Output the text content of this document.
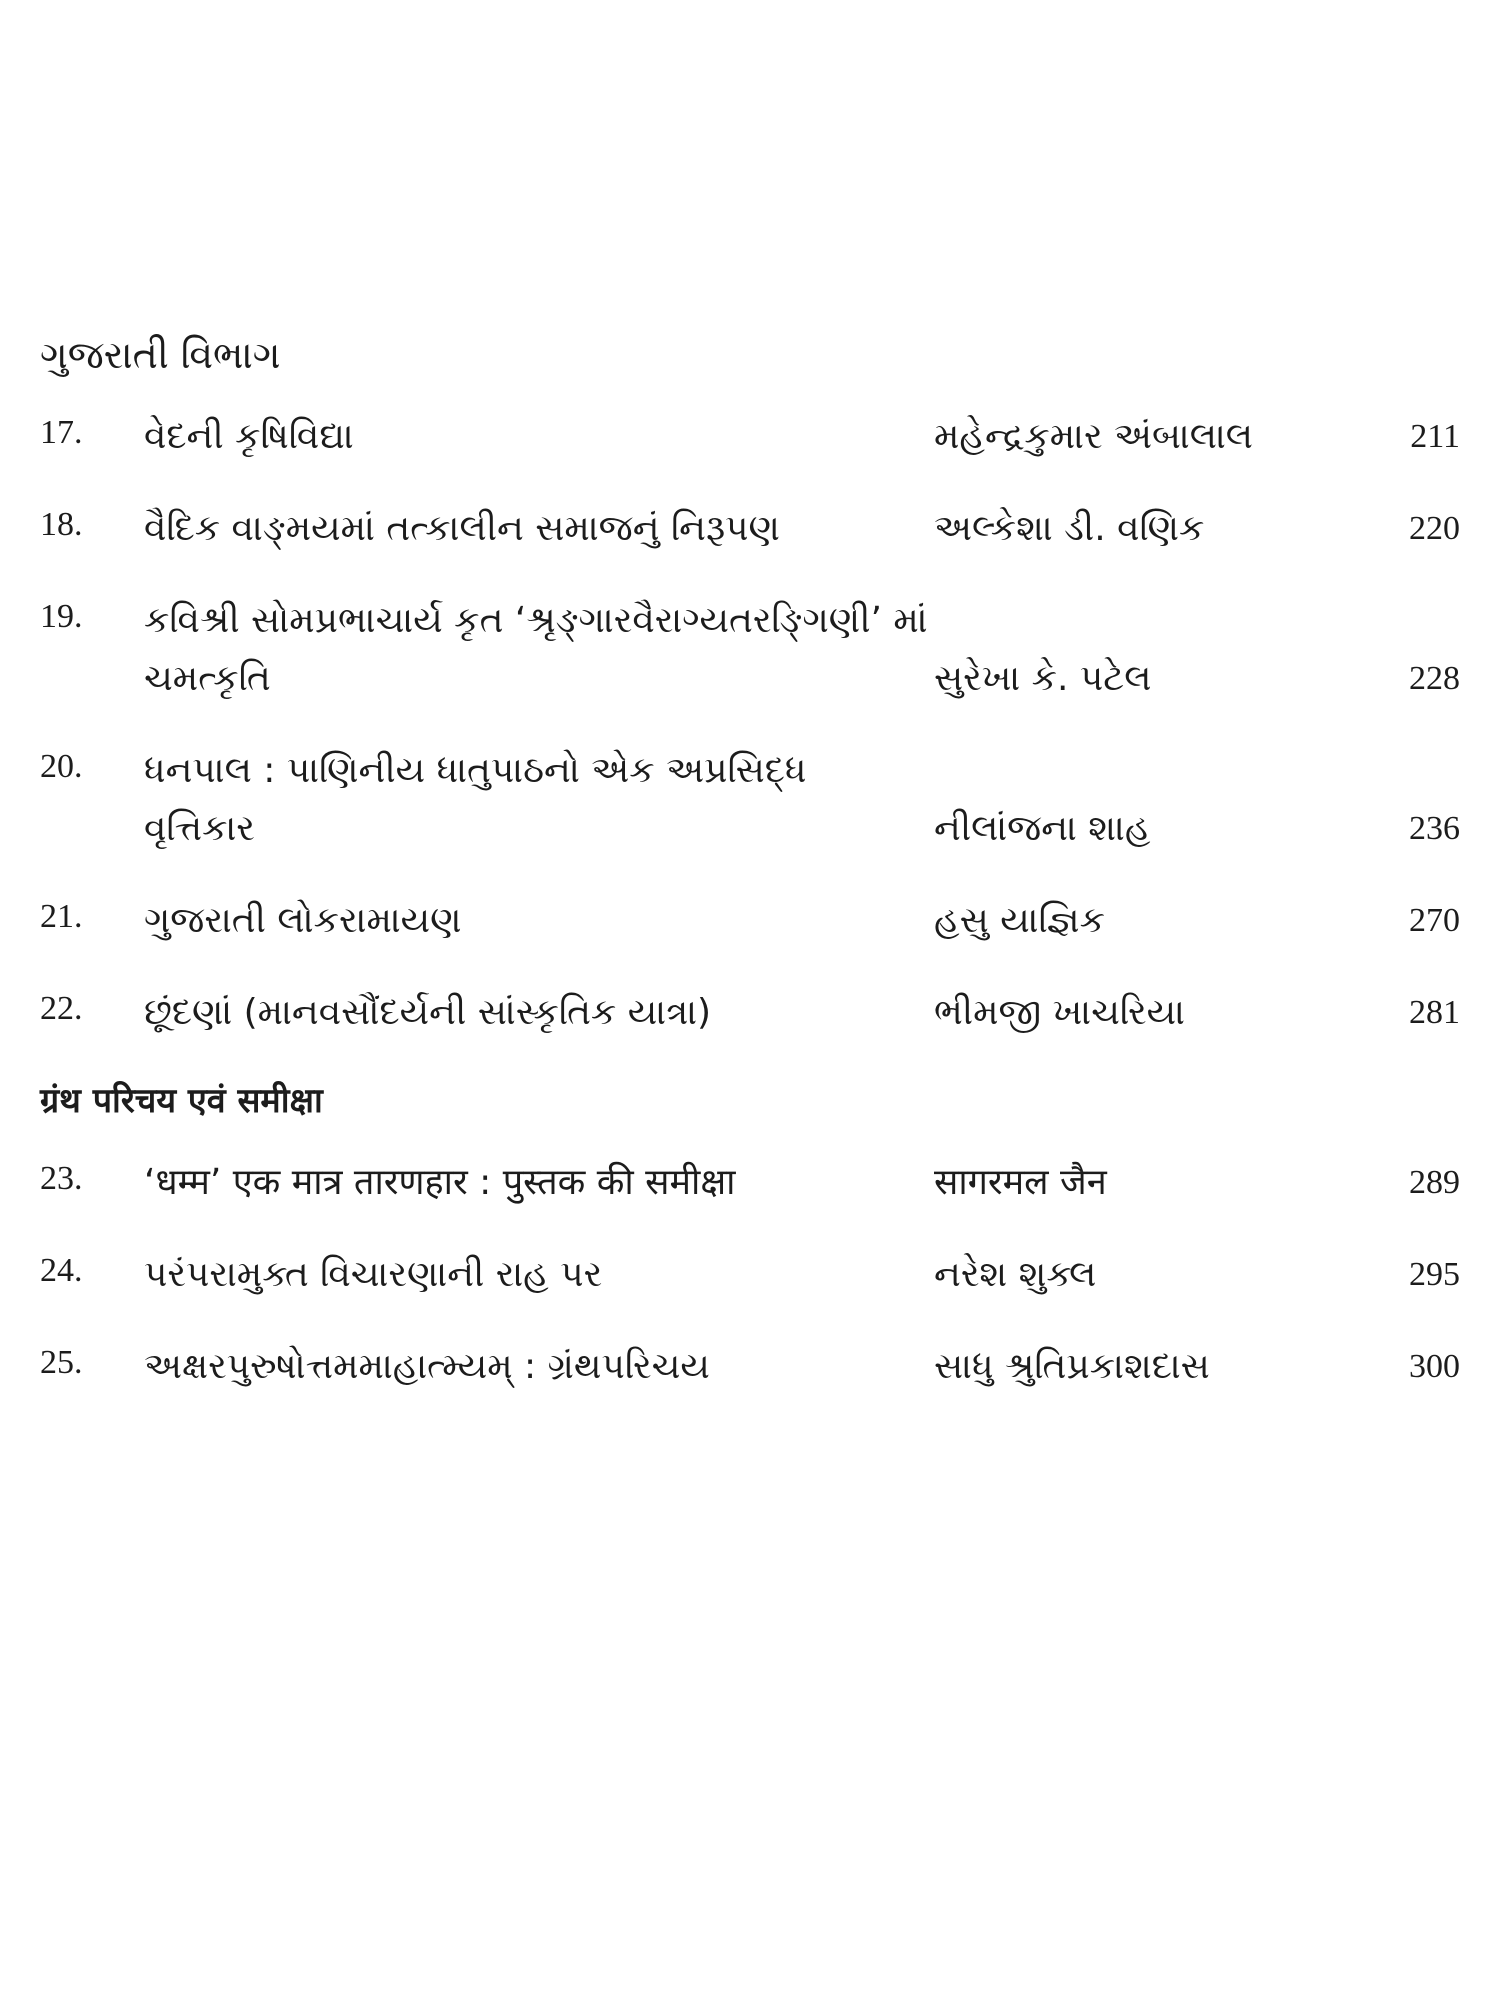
ગુજરાતી વિભાગ
17.	વેદની કૃષિવિદ્યા	મહેન્દ્રકુમાર અંબાલાલ	211
18.	વૈદિક વાઙ્મયમાં તત્કાલીન સમાજનું નિરૂપણ	અલ્કેશા ડી. વણિક	220
19.	કવિશ્રી સોમપ્રભાચાર્ય કૃત ‘શ્રૃઙ્ગારવૈરાગ્યતરઙ્ગિણી’ માં
ચમત્કૃતિ	સુરેખા કે. પટેલ	228
20.	ધનપાલ : પાણિનીય ધાતુપાઠનો એક અપ્રસિદ્ધ
વૃત્તિકાર	નીલાંજના શાહ	236
21.	ગુજરાતી લોકરામાયણ	હસુ યાજ્ઞિક	270
22.	છૂંદણાં (માનવસૌંદર્યની સાંસ્કૃતિક યાત્રા)	ભીમજી ખાચરિયા	281
ग्रंथ परिचय एवं समीक्षा
23.	‘धम्म’ एक मात्र तारणहार : पुस्तक की समीक्षा	सागरमल जैन	289
24.	પરંપરામુક્ત વિચારણાની રાહ પર	નરેશ શુક્લ	295
25.	અક્ષરપુરુષોત્તમમાહાત્મ્યમ્ : ગ્રંથપરિચય	સાધુ શ્રુતિપ્રકાશદાસ	300
